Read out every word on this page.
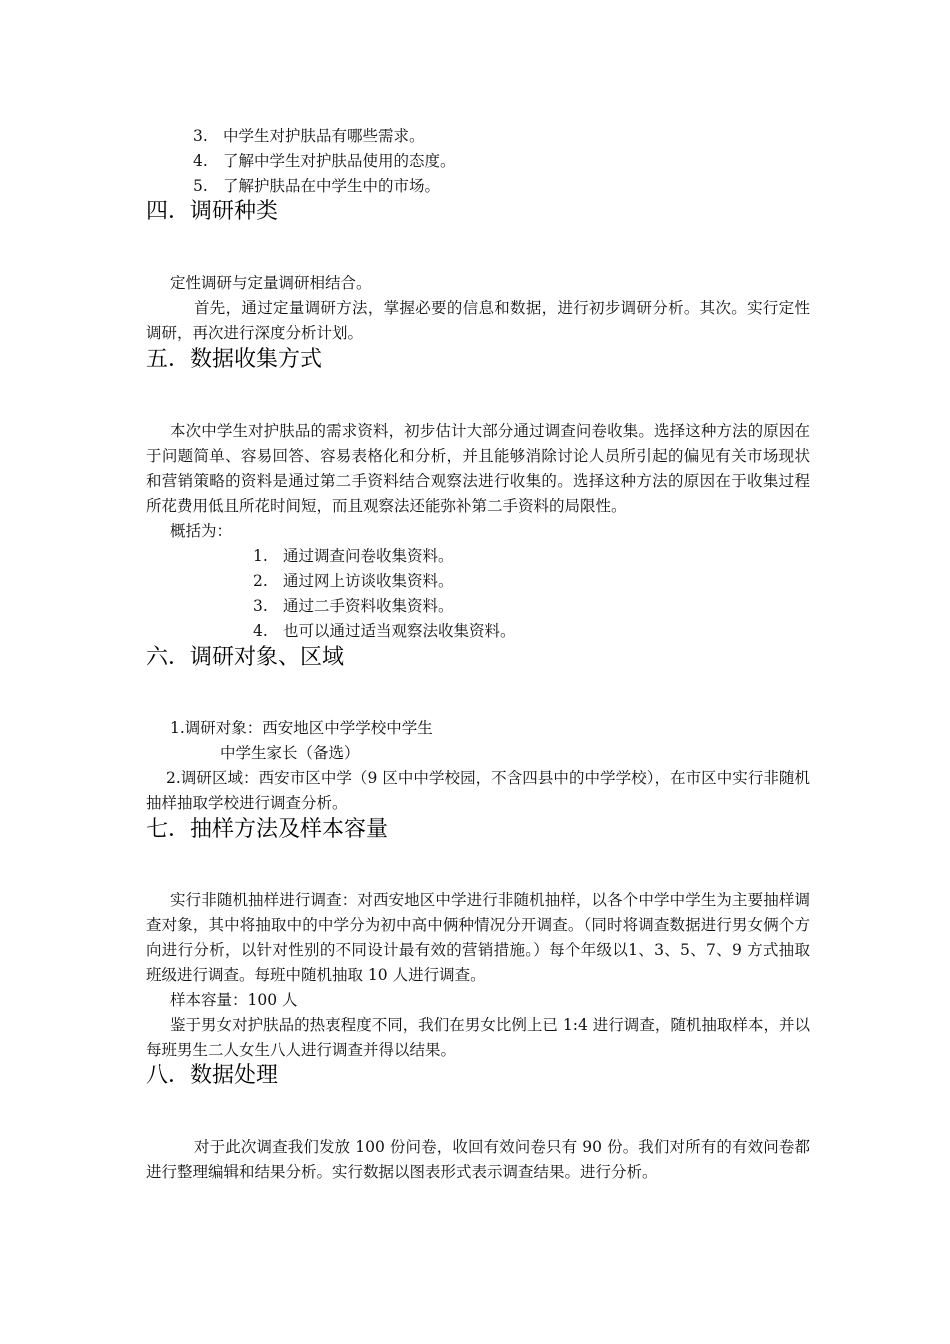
3. 中学生对护肤品有哪些需求。
4. 了解中学生对护肤品使用的态度。
5. 了解护肤品在中学生中的市场。
四．调研种类
定性调研与定量调研相结合。
首先，通过定量调研方法，掌握必要的信息和数据，进行初步调研分析。其次。实行定性调研，再次进行深度分析计划。
五．数据收集方式
本次中学生对护肤品的需求资料，初步估计大部分通过调查问卷收集。选择这种方法的原因在于问题简单、容易回答、容易表格化和分析，并且能够消除讨论人员所引起的偏见有关市场现状和营销策略的资料是通过第二手资料结合观察法进行收集的。选择这种方法的原因在于收集过程所花费用低且所花时间短，而且观察法还能弥补第二手资料的局限性。
概括为：
1. 通过调查问卷收集资料。
2. 通过网上访谈收集资料。
3. 通过二手资料收集资料。
4. 也可以通过适当观察法收集资料。
六．调研对象、区域
1.调研对象：西安地区中学学校中学生
中学生家长（备选）
2.调研区域：西安市区中学（9 区中中学校园，不含四县中的中学学校），在市区中实行非随机抽样抽取学校进行调查分析。
七．抽样方法及样本容量
实行非随机抽样进行调查：对西安地区中学进行非随机抽样，以各个中学中学生为主要抽样调查对象，其中将抽取中的中学分为初中高中俩种情况分开调查。（同时将调查数据进行男女俩个方向进行分析，以针对性别的不同设计最有效的营销措施。）每个年级以1、3、5、7、9 方式抽取班级进行调查。每班中随机抽取 10 人进行调查。
样本容量：100 人
鉴于男女对护肤品的热衷程度不同，我们在男女比例上已 1:4 进行调查，随机抽取样本，并以每班男生二人女生八人进行调查并得以结果。
八．数据处理
对于此次调查我们发放 100 份问卷，收回有效问卷只有 90 份。我们对所有的有效问卷都进行整理编辑和结果分析。实行数据以图表形式表示调查结果。进行分析。
